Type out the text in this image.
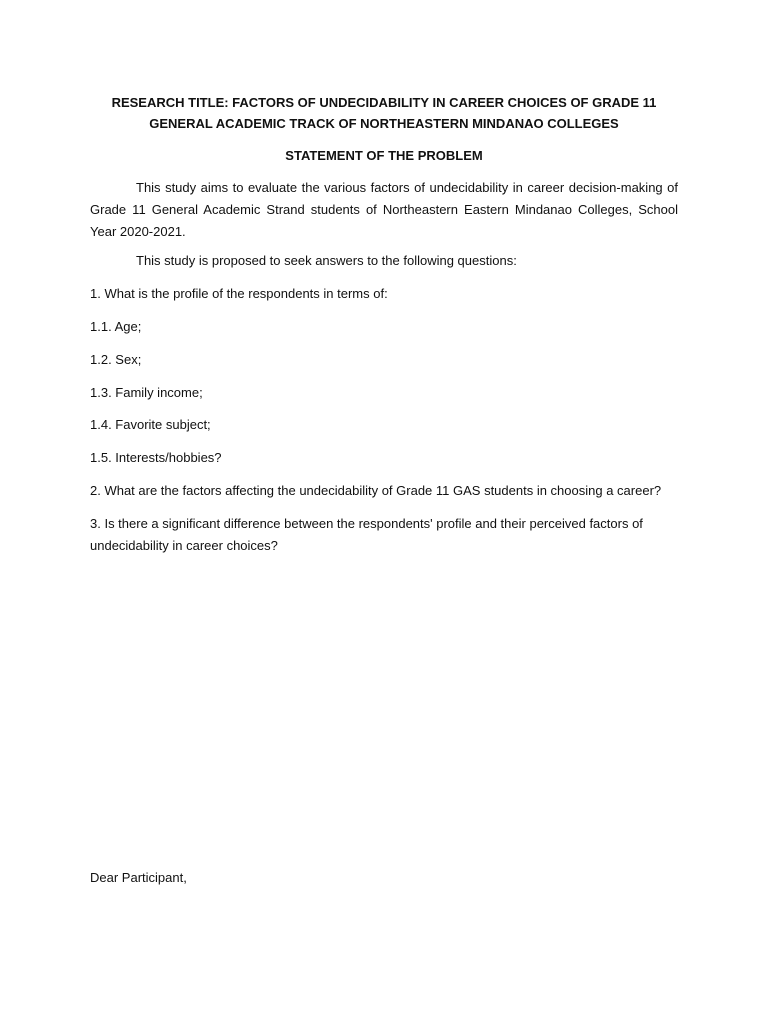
RESEARCH TITLE: FACTORS OF UNDECIDABILITY IN CAREER CHOICES OF GRADE 11 GENERAL ACADEMIC TRACK OF NORTHEASTERN MINDANAO COLLEGES
STATEMENT OF THE PROBLEM
This study aims to evaluate the various factors of undecidability in career decision-making of Grade 11 General Academic Strand students of Northeastern Eastern Mindanao Colleges, School Year 2020-2021.
This study is proposed to seek answers to the following questions:
1. What is the profile of the respondents in terms of:
1.1. Age;
1.2. Sex;
1.3. Family income;
1.4. Favorite subject;
1.5. Interests/hobbies?
2. What are the factors affecting the undecidability of Grade 11 GAS students in choosing a career?
3. Is there a significant difference between the respondents' profile and their perceived factors of undecidability in career choices?
Dear Participant,
